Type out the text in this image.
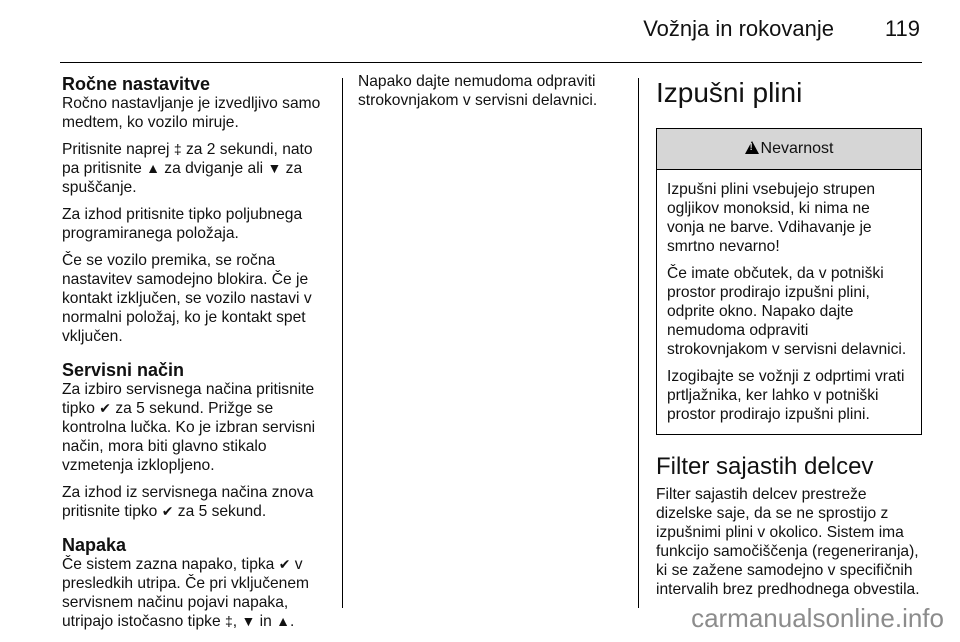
Vožnja in rokovanje 119
Ročne nastavitve

Ročno nastavljanje je izvedljivo samo medtem, ko vozilo miruje.

Pritisnite naprej ‡ za 2 sekundi, nato pa pritisnite ▲ za dviganje ali ▼ za spuščanje.

Za izhod pritisnite tipko poljubnega programiranega položaja.

Če se vozilo premika, se ročna nastavitev samodejno blokira. Če je kontakt izključen, se vozilo nastavi v normalni položaj, ko je kontakt spet vključen.

Servisni način

Za izbiro servisnega načina pritisnite tipko ✔ za 5 sekund. Prižge se kontrolna lučka. Ko je izbran servisni način, mora biti glavno stikalo vzmetenja izklopljeno.

Za izhod iz servisnega načina znova pritisnite tipko ✔ za 5 sekund.

Napaka

Če sistem zazna napako, tipka ✔ v presledkih utripa. Če pri vključenem servisnem načinu pojavi napaka, utripajo istočasno tipke ‡, ▼ in ▲.

Napako dajte nemudoma odpraviti strokovnjakom v servisni delavnici.	Izpušni plini
!Nevarnost

Izpušni plini vsebujejo strupen ogljikov monoksid, ki nima ne vonja ne barve. Vdihavanje je smrtno nevarno!

Če imate občutek, da v potniški prostor prodirajo izpušni plini, odprite okno. Napako dajte nemudoma odpraviti strokovnjakom v servisni delavnici.

Izogibajte se vožnji z odprtimi vrati prtljažnika, ker lahko v potniški prostor prodirajo izpušni plini.

Filter sajastih delcev

Filter sajastih delcev prestreže dizelske saje, da se ne sprostijo z izpušnimi plini v okolico. Sistem ima funkcijo samočiščenja (regeneriranja), ki se zažene samodejno v specifičnih intervalih brez predhodnega obvestila.

carmanualsonline.info
